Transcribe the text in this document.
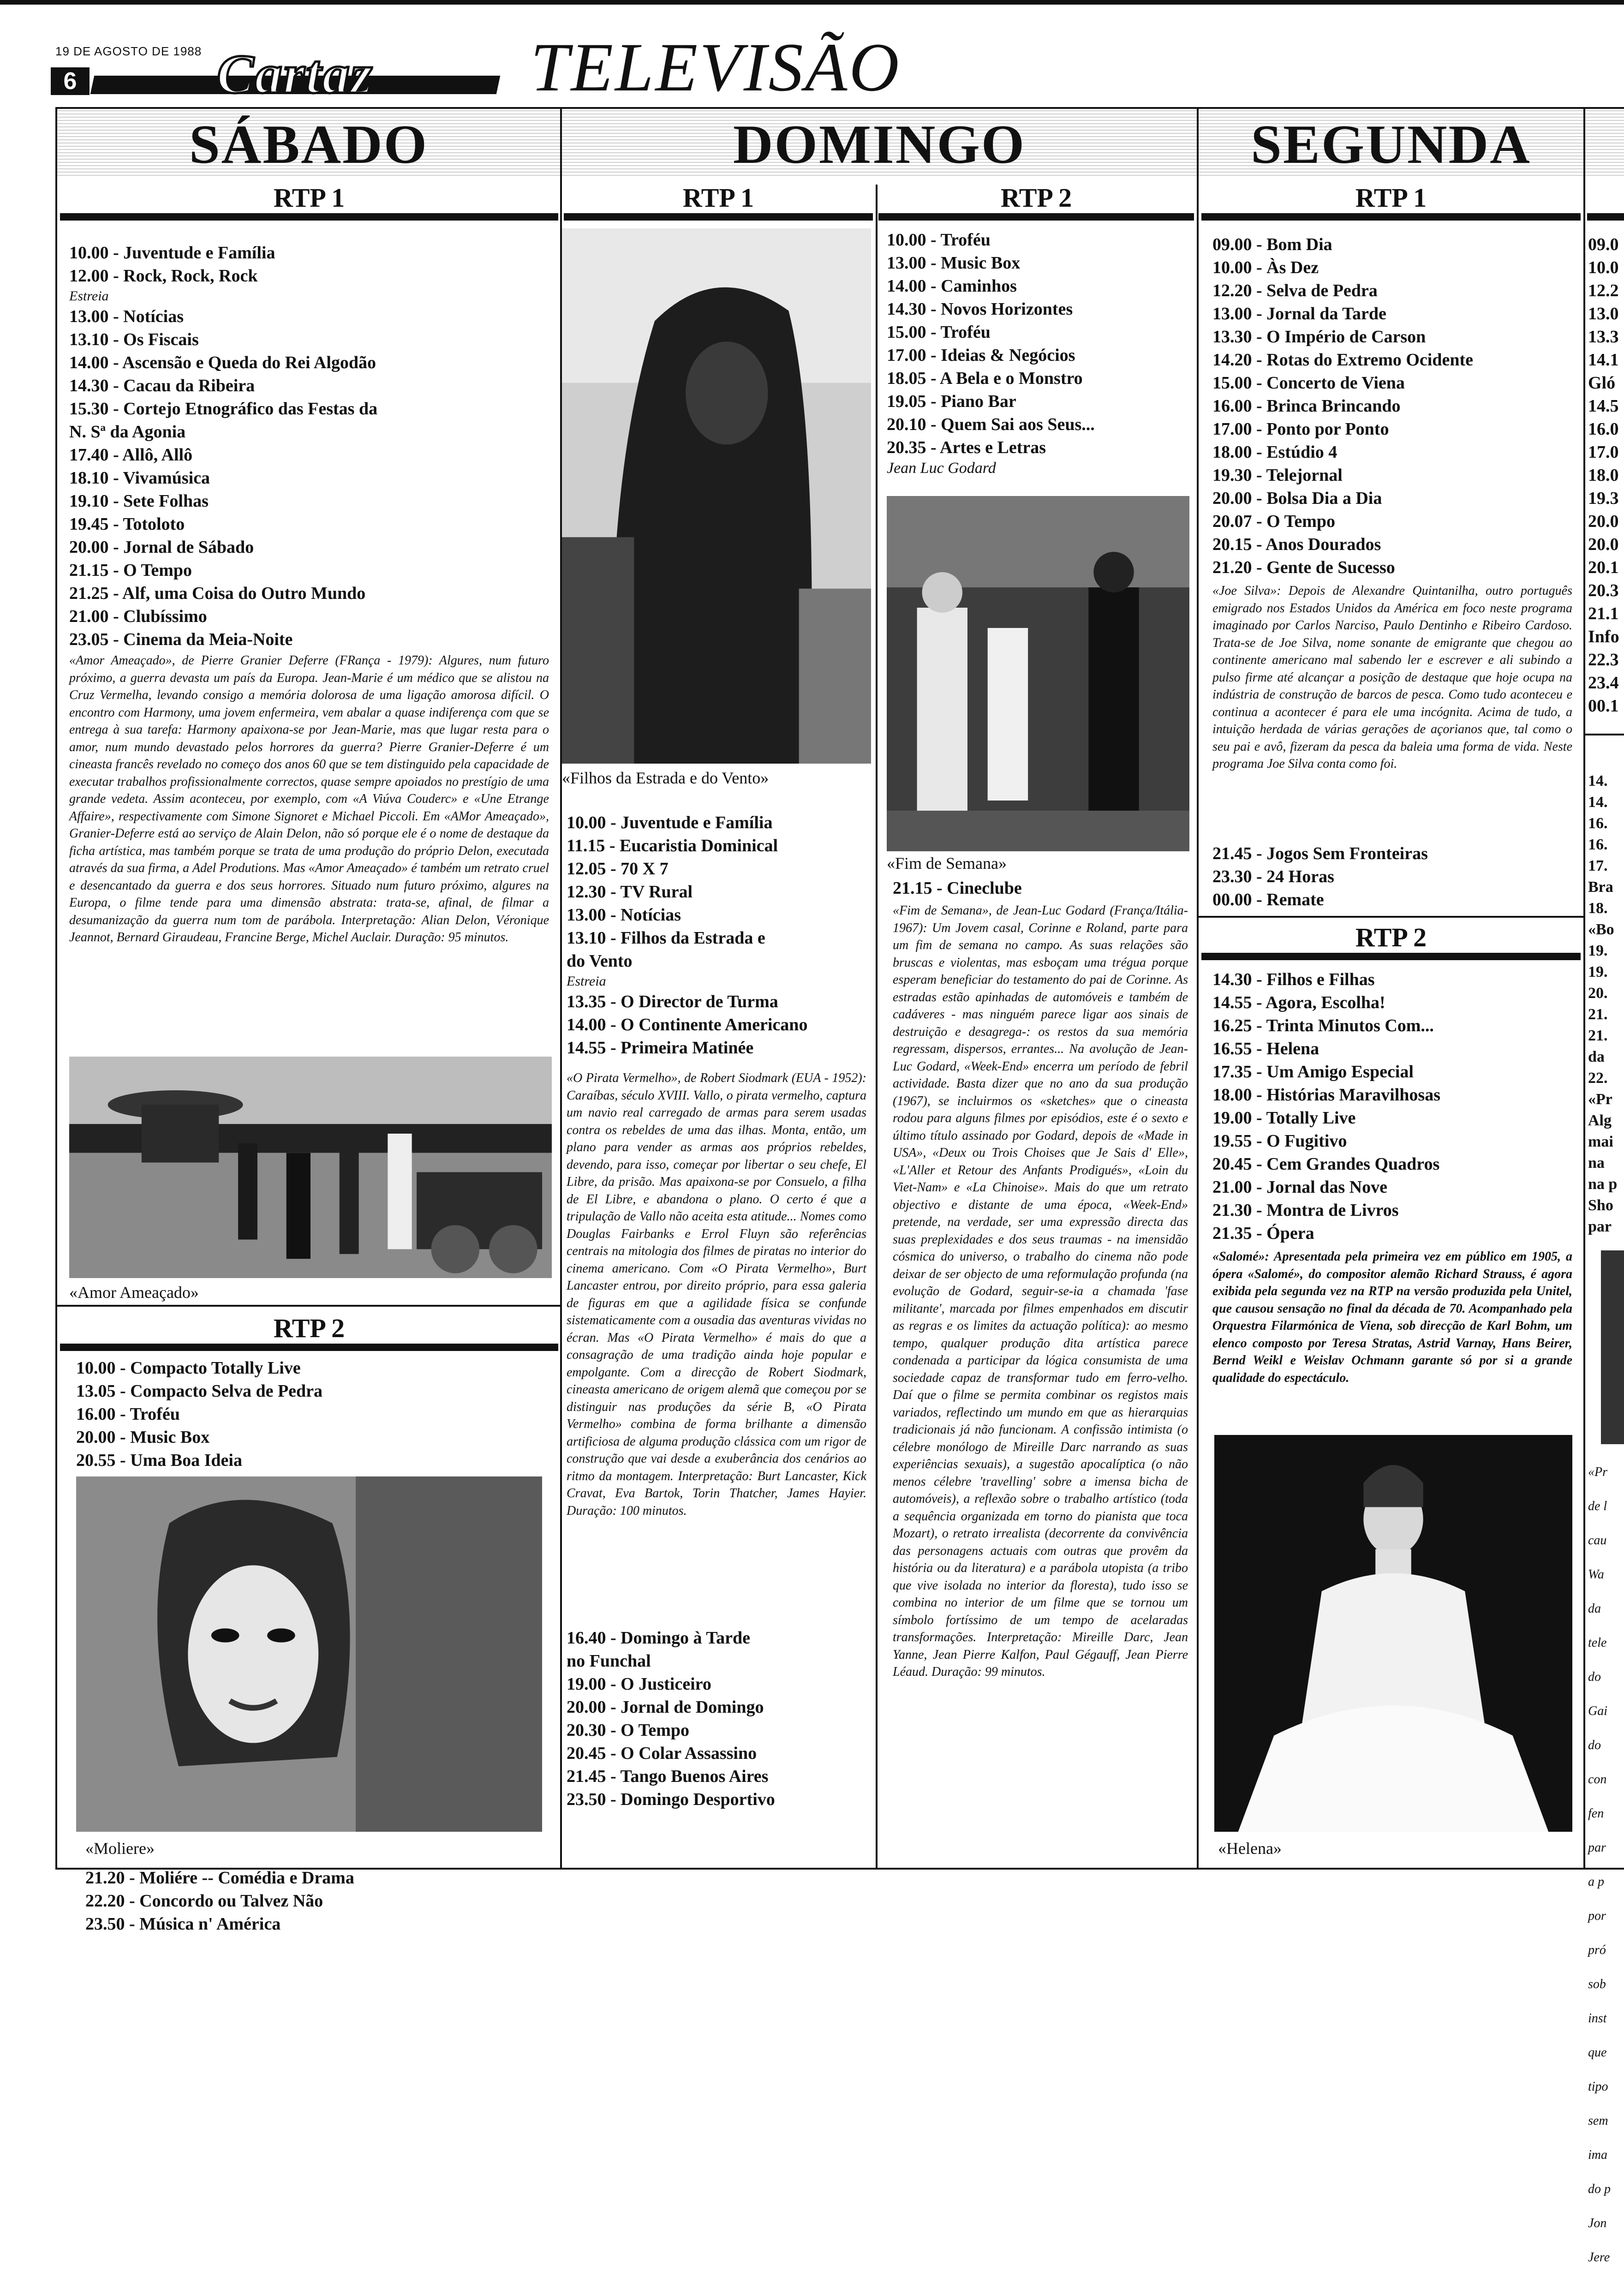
19 DE AGOSTO DE 1988
6	Cartaz TELEVISÃO
SÁBADO	DOMINGO	SEGUNDA
RTP 1
10.00 - Juventude e Família
12.00 - Rock, Rock, Rock
Estreia
13.00 - Notícias
13.10 - Os Fiscais
14.00 - Ascensão e Queda do Rei Algodão
14.30 - Cacau da Ribeira
15.30 - Cortejo Etnográfico das Festas da
N. Sª da Agonia
17.40 - Allô, Allô
18.10 - Vivamúsica
19.10 - Sete Folhas
19.45 - Totoloto
20.00 - Jornal de Sábado
21.15 - O Tempo
21.25 - Alf, uma Coisa do Outro Mundo
21.00 - Clubíssimo
23.05 - Cinema da Meia-Noite
«Amor Ameaçado», de Pierre Granier Deferre (FRança - 1979): Algures, num futuro próximo, a guerra devasta um país da Europa. Jean-Marie é um médico que se alistou na Cruz Vermelha, levando consigo a memória dolorosa de uma ligação amorosa difícil. O encontro com Harmony, uma jovem enfermeira, vem abalar a quase indiferença com que se entrega à sua tarefa: Harmony apaixona-se por Jean-Marie, mas que lugar resta para o amor, num mundo devastado pelos horrores da guerra? Pierre Granier-Deferre é um cineasta francês revelado no começo dos anos 60 que se tem distinguido pela capacidade de executar trabalhos profissionalmente correctos, quase sempre apoiados no prestígio de uma grande vedeta. Assim aconteceu, por exemplo, com «A Viúva Couderc» e «Une Etrange Affaire», respectivamente com Simone Signoret e Michael Piccoli. Em «AMor Ameaçado», Granier-Deferre está ao serviço de Alain Delon, não só porque ele é o nome de destaque da ficha artística, mas também porque se trata de uma produção do próprio Delon, executada através da sua firma, a Adel Produtions. Mas «Amor Ameaçado» é também um retrato cruel e desencantado da guerra e dos seus horrores. Situado num futuro próximo, algures na Europa, o filme tende para uma dimensão abstrata: trata-se, afinal, de filmar a desumanização da guerra num tom de parábola. Interpretação: Alian Delon, Véronique Jeannot, Bernard Giraudeau, Francine Berge, Michel Auclair. Duração: 95 minutos.
«Amor Ameaçado»
RTP 2
10.00 - Compacto Totally Live
13.05 - Compacto Selva de Pedra
16.00 - Troféu
20.00 - Music Box
20.55 - Uma Boa Ideia
«Moliere»
21.20 - Moliére -- Comédia e Drama
22.20 - Concordo ou Talvez Não
23.50 - Música n' América
RTP 1
«Filhos da Estrada e do Vento»
10.00 - Juventude e Família
11.15 - Eucaristia Dominical
12.05 - 70 X 7
12.30 - TV Rural
13.00 - Notícias
13.10 - Filhos da Estrada e
do Vento
Estreia
13.35 - O Director de Turma
14.00 - O Continente Americano
14.55 - Primeira Matinée
«O Pirata Vermelho», de Robert Siodmark (EUA - 1952): Caraíbas, século XVIII. Vallo, o pirata vermelho, captura um navio real carregado de armas para serem usadas contra os rebeldes de uma das ilhas. Monta, então, um plano para vender as armas aos próprios rebeldes, devendo, para isso, começar por libertar o seu chefe, El Libre, da prisão. Mas apaixona-se por Consuelo, a filha de El Libre, e abandona o plano. O certo é que a tripulação de Vallo não aceita esta atitude... Nomes como Douglas Fairbanks e Errol Fluyn são referências centrais na mitologia dos filmes de piratas no interior do cinema americano. Com «O Pirata Vermelho», Burt Lancaster entrou, por direito próprio, para essa galeria de figuras em que a agilidade física se confunde sistematicamente com a ousadia das aventuras vividas no écran. Mas «O Pirata Vermelho» é mais do que a consagração de uma tradição ainda hoje popular e empolgante. Com a direcção de Robert Siodmark, cineasta americano de origem alemã que começou por se distinguir nas produções da série B, «O Pirata Vermelho» combina de forma brilhante a dimensão artificiosa de alguma produção clássica com um rigor de construção que vai desde a exuberância dos cenários ao ritmo da montagem. Interpretação: Burt Lancaster, Kick Cravat, Eva Bartok, Torin Thatcher, James Hayier. Duração: 100 minutos.
16.40 - Domingo à Tarde
no Funchal
19.00 - O Justiceiro
20.00 - Jornal de Domingo
20.30 - O Tempo
20.45 - O Colar Assassino
21.45 - Tango Buenos Aires
23.50 - Domingo Desportivo
RTP 2
10.00 - Troféu
13.00 - Music Box
14.00 - Caminhos
14.30 - Novos Horizontes
15.00 - Troféu
17.00 - Ideias & Negócios
18.05 - A Bela e o Monstro
19.05 - Piano Bar
20.10 - Quem Sai aos Seus...
20.35 - Artes e Letras
Jean Luc Godard
«Fim de Semana»
21.15 - Cineclube
«Fim de Semana», de Jean-Luc Godard (França/Itália-1967): Um Jovem casal, Corinne e Roland, parte para um fim de semana no campo. As suas relações são bruscas e violentas, mas esboçam uma trégua porque esperam beneficiar do testamento do pai de Corinne. As estradas estão apinhadas de automóveis e também de cadáveres - mas ninguém parece ligar aos sinais de destruição e desagrega-: os restos da sua memória regressam, dispersos, errantes... Na avolução de Jean-Luc Godard, «Week-End» encerra um período de febril actividade. Basta dizer que no ano da sua produção (1967), se incluirmos os «sketches» que o cineasta rodou para alguns filmes por episódios, este é o sexto e último título assinado por Godard, depois de «Made in USA», «Deux ou Trois Choises que Je Sais d' Elle», «L'Aller et Retour des Anfants Prodigués», «Loin du Viet-Nam» e «La Chinoise». Mais do que um retrato objectivo e distante de uma época, «Week-End» pretende, na verdade, ser uma expressão directa das suas preplexidades e dos seus traumas - na imensidão cósmica do universo, o trabalho do cinema não pode deixar de ser objecto de uma reformulação profunda (na evolução de Godard, seguir-se-ia a chamada 'fase militante', marcada por filmes empenhados em discutir as regras e os limites da actuação política): ao mesmo tempo, qualquer produção dita artística parece condenada a participar da lógica consumista de uma sociedade capaz de transformar tudo em ferro-velho. Daí que o filme se permita combinar os registos mais variados, reflectindo um mundo em que as hierarquias tradicionais já não funcionam. A confissão intimista (o célebre monólogo de Mireille Darc narrando as suas experiências sexuais), a sugestão apocalíptica (o não menos célebre 'travelling' sobre a imensa bicha de automóveis), a reflexão sobre o trabalho artístico (toda a sequência organizada em torno do pianista que toca Mozart), o retrato irrealista (decorrente da convivência das personagens actuais com outras que provêm da história ou da literatura) e a parábola utopista (a tribo que vive isolada no interior da floresta), tudo isso se combina no interior de um filme que se tornou um símbolo fortíssimo de um tempo de acelaradas transformações. Interpretação: Mireille Darc, Jean Yanne, Jean Pierre Kalfon, Paul Gégauff, Jean Pierre Léaud. Duração: 99 minutos.
RTP 1
09.00 - Bom Dia
10.00 - Às Dez
12.20 - Selva de Pedra
13.00 - Jornal da Tarde
13.30 - O Império de Carson
14.20 - Rotas do Extremo Ocidente
15.00 - Concerto de Viena
16.00 - Brinca Brincando
17.00 - Ponto por Ponto
18.00 - Estúdio 4
19.30 - Telejornal
20.00 - Bolsa Dia a Dia
20.07 - O Tempo
20.15 - Anos Dourados
21.20 - Gente de Sucesso
«Joe Silva»: Depois de Alexandre Quintanilha, outro português emigrado nos Estados Unidos da América em foco neste programa imaginado por Carlos Narciso, Paulo Dentinho e Ribeiro Cardoso. Trata-se de Joe Silva, nome sonante de emigrante que chegou ao continente americano mal sabendo ler e escrever e ali subindo a pulso firme até alcançar a posição de destaque que hoje ocupa na indústria de construção de barcos de pesca. Como tudo aconteceu e continua a acontecer é para ele uma incógnita. Acima de tudo, a intuição herdada de várias gerações de açorianos que, tal como o seu pai e avô, fizeram da pesca da baleia uma forma de vida. Neste programa Joe Silva conta como foi.
21.45 - Jogos Sem Fronteiras
23.30 - 24 Horas
00.00 - Remate
RTP 2
14.30 - Filhos e Filhas
14.55 - Agora, Escolha!
16.25 - Trinta Minutos Com...
16.55 - Helena
17.35 - Um Amigo Especial
18.00 - Histórias Maravilhosas
19.00 - Totally Live
19.55 - O Fugitivo
20.45 - Cem Grandes Quadros
21.00 - Jornal das Nove
21.30 - Montra de Livros
21.35 - Ópera
«Salomé»: Apresentada pela primeira vez em público em 1905, a ópera «Salomé», do compositor alemão Richard Strauss, é agora exibida pela segunda vez na RTP na versão produzida pela Unitel, que causou sensação no final da década de 70. Acompanhado pela Orquestra Filarmónica de Viena, sob direcção de Karl Bohm, um elenco composto por Teresa Stratas, Astrid Varnay, Hans Beirer, Bernd Weikl e Weislav Ochmann garante só por si a grande qualidade do espectáculo.
«Helena»
09.0
10.0
12.2
13.0
13.3
14.1
Gló
14.5
16.0
17.0
18.0
19.3
20.0
20.0
20.1
20.3
21.1
Info
22.3
23.4
00.1
14.
14.
16.
16.
17.
Bra
18.
«Bo
19.
19.
20.
21.
21.
da
22.
«Pr
Alg
mai
na
na p
Sho
par

«Pr

de l

cau

Wa

da

tele

do

Gai

do

con

fen

par

a p

por

pró

sob

inst

que

tipo

sem

ima

do p

Jon

Jere
